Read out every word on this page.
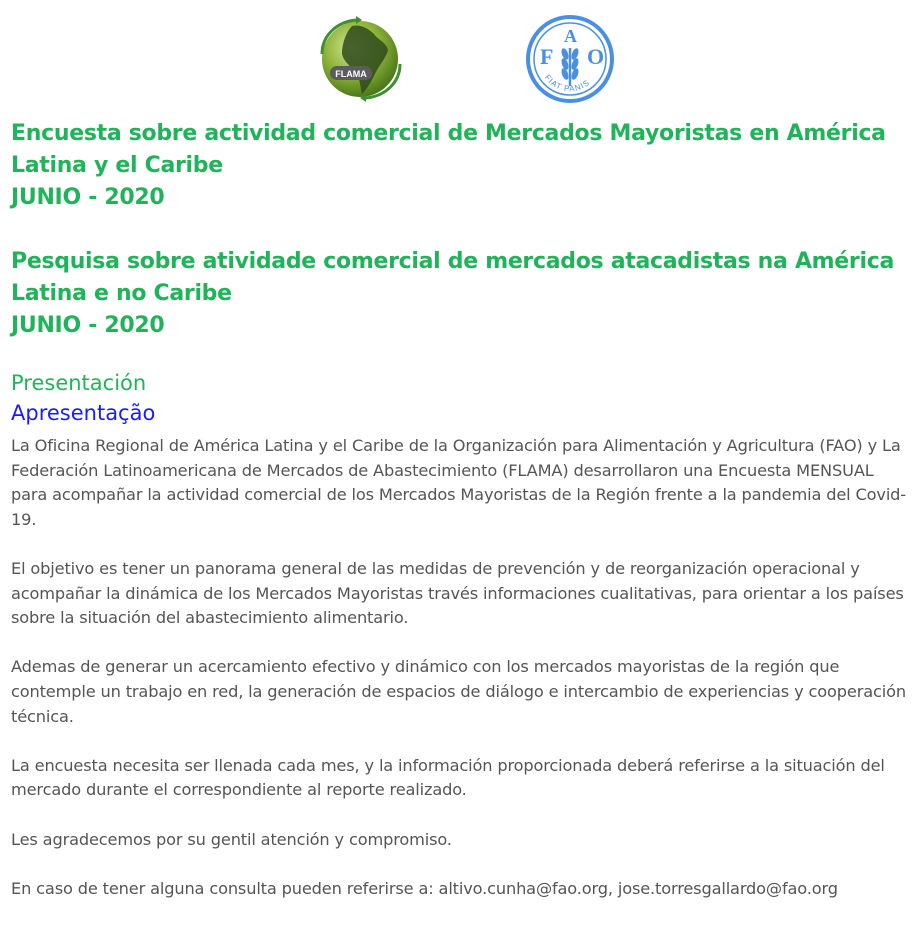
FLAMA
F O
A
FIAT PANIS
Encuesta sobre actividad comercial de Mercados Mayoristas en América
Latina y el Caribe
JUNIO - 2020
Pesquisa sobre atividade comercial de mercados atacadistas na América
Latina e no Caribe
JUNIO - 2020
Presentación
Apresentação

La Oficina Regional de América Latina y el Caribe de la Organización para Alimentación y Agricultura (FAO) y La Federación Latinoamericana de Mercados de Abastecimiento (FLAMA) desarrollaron una Encuesta MENSUAL para acompañar la actividad comercial de los Mercados Mayoristas de la Región frente a la pandemia del Covid-19.

El objetivo es tener un panorama general de las medidas de prevención y de reorganización operacional y acompañar la dinámica de los Mercados Mayoristas través informaciones cualitativas, para orientar a los países sobre la situación del abastecimiento alimentario.

Ademas de generar un acercamiento efectivo y dinámico con los mercados mayoristas de la región que contemple un trabajo en red, la generación de espacios de diálogo e intercambio de experiencias y cooperación técnica.

La encuesta necesita ser llenada cada mes, y la información proporcionada deberá referirse a la situación del mercado durante el correspondiente al reporte realizado.

Les agradecemos por su gentil atención y compromiso.

En caso de tener alguna consulta pueden referirse a: altivo.cunha@fao.org, jose.torresgallardo@fao.org
